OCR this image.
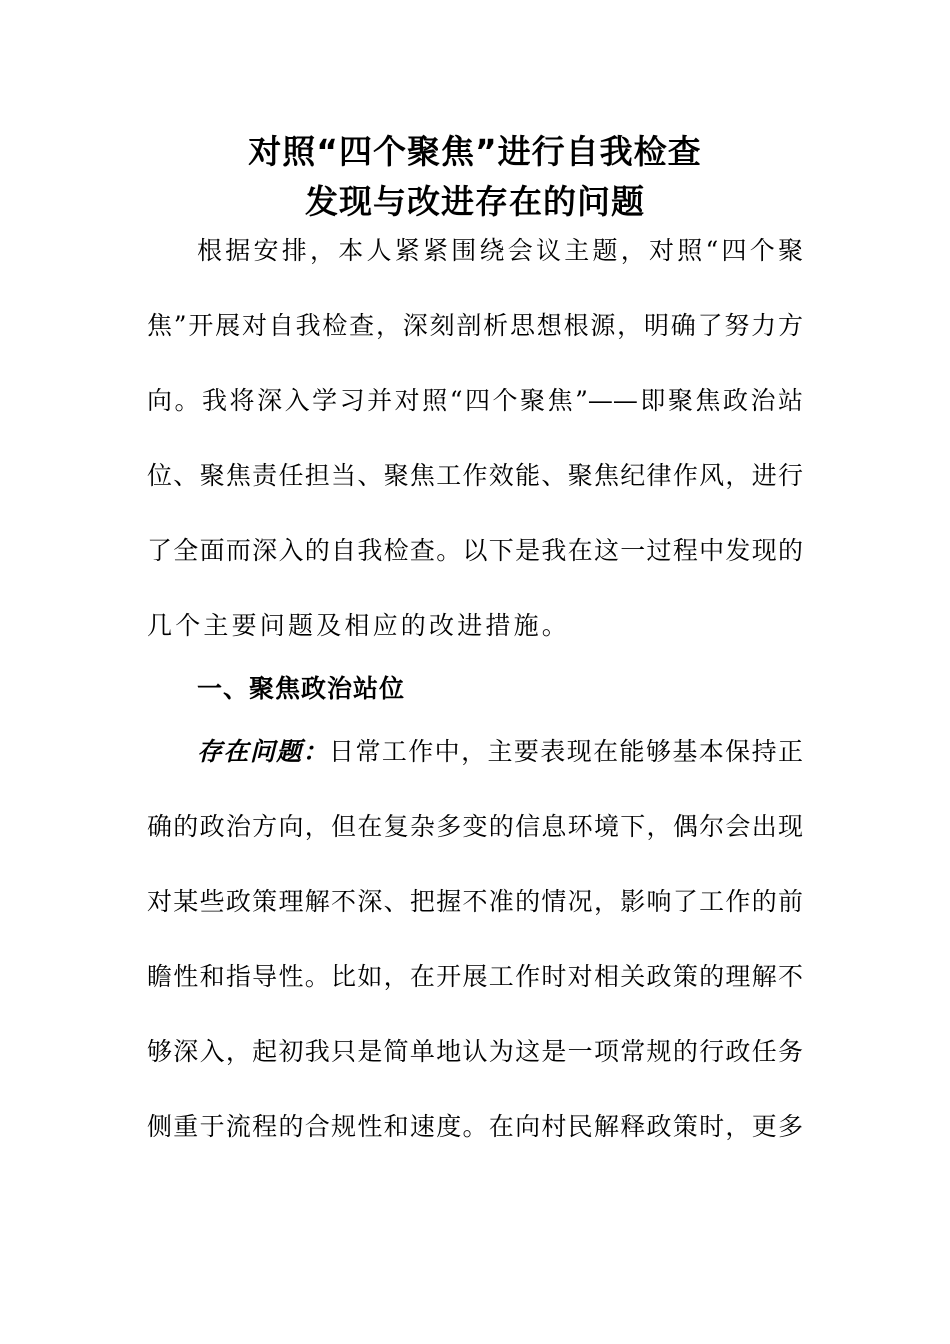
对照“四个聚焦”进行自我检查
发现与改进存在的问题
根据安排，本人紧紧围绕会议主题，对照“四个聚
焦”开展对自我检查，深刻剖析思想根源，明确了努力方
向。我将深入学习并对照“四个聚焦”——即聚焦政治站
位、聚焦责任担当、聚焦工作效能、聚焦纪律作风，进行
了全面而深入的自我检查。以下是我在这一过程中发现的
几个主要问题及相应的改进措施。
一、聚焦政治站位
存在问题：日常工作中，主要表现在能够基本保持正
确的政治方向，但在复杂多变的信息环境下，偶尔会出现
对某些政策理解不深、把握不准的情况，影响了工作的前
瞻性和指导性。比如，在开展工作时对相关政策的理解不
够深入，起初我只是简单地认为这是一项常规的行政任务
侧重于流程的合规性和速度。在向村民解释政策时，更多
